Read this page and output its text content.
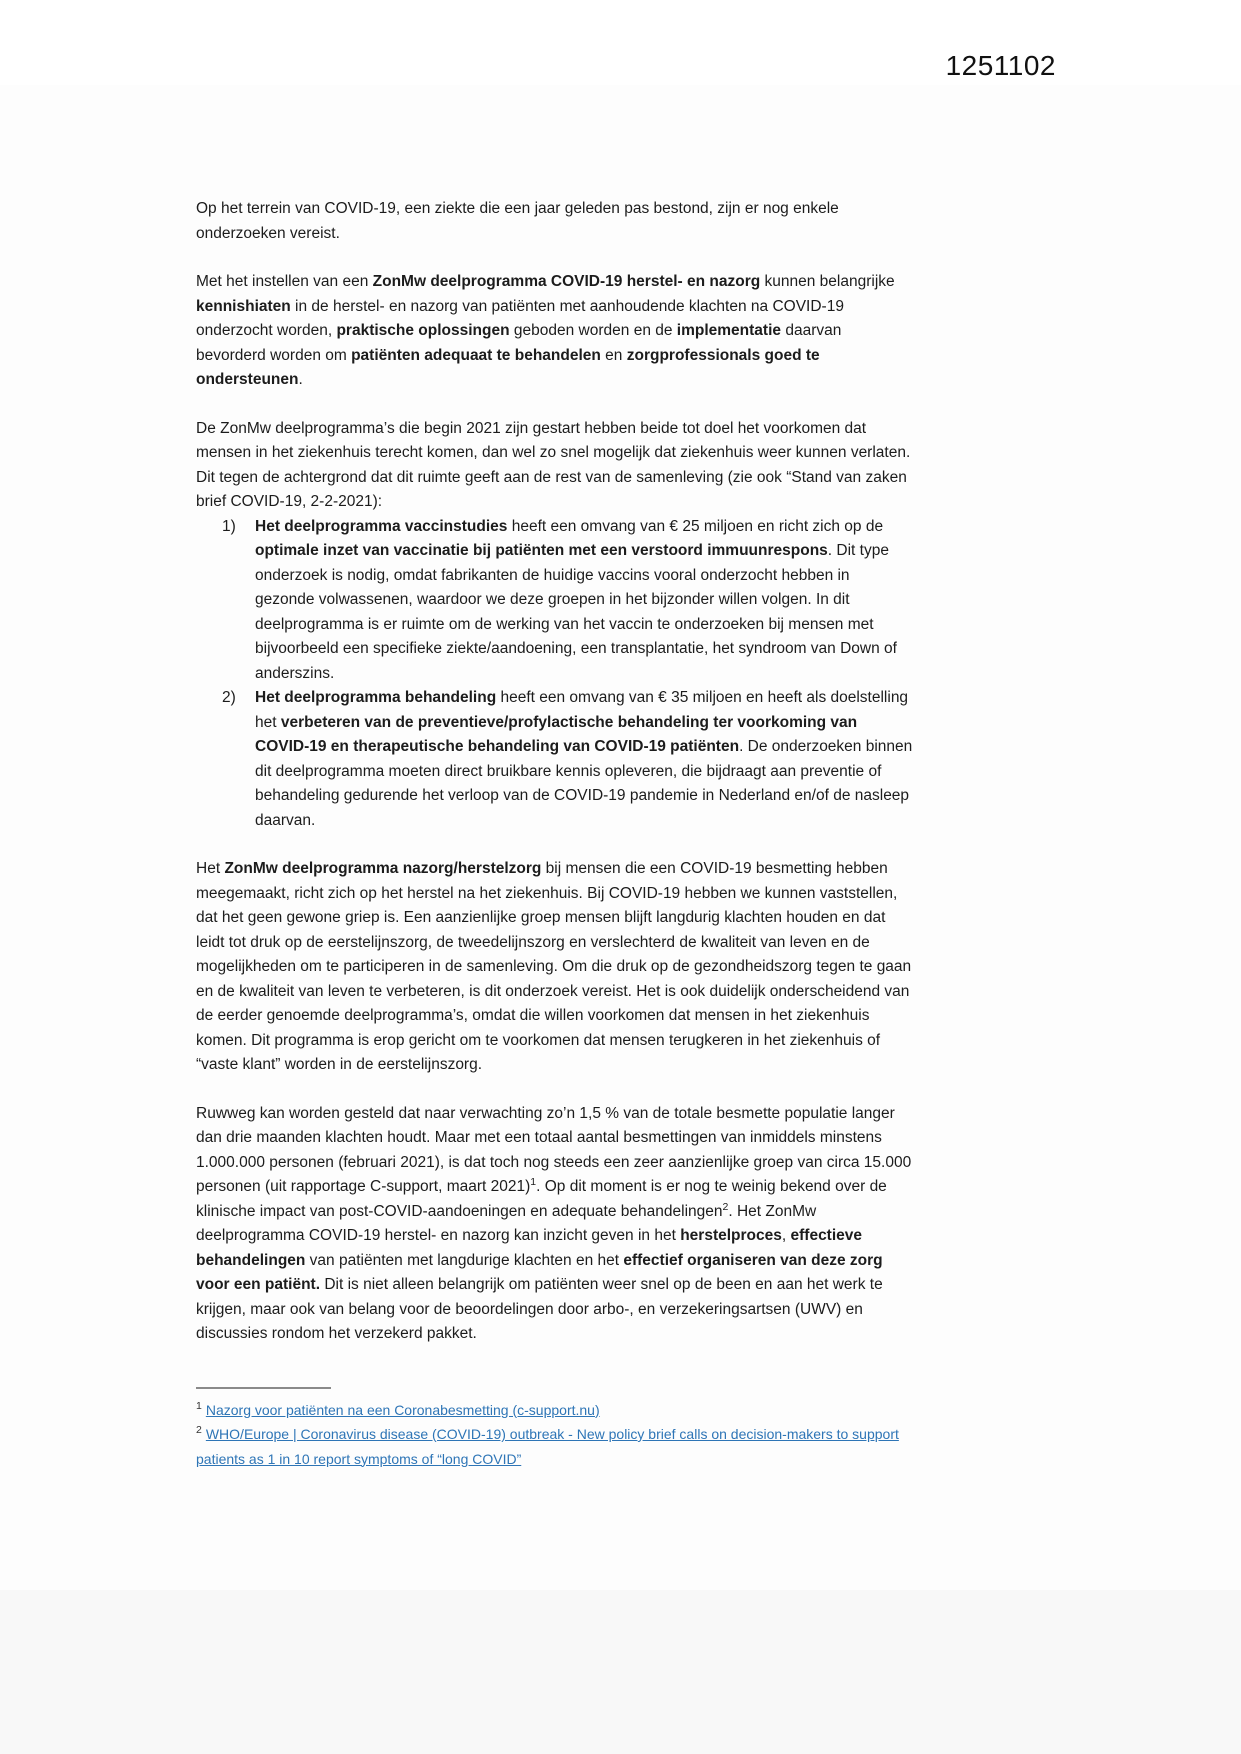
1251102

Op het terrein van COVID-19, een ziekte die een jaar geleden pas bestond, zijn er nog enkele onderzoeken vereist.

Met het instellen van een ZonMw deelprogramma COVID-19 herstel- en nazorg kunnen belangrijke kennishiaten in de herstel- en nazorg van patiënten met aanhoudende klachten na COVID-19 onderzocht worden, praktische oplossingen geboden worden en de implementatie daarvan bevorderd worden om patiënten adequaat te behandelen en zorgprofessionals goed te ondersteunen.

De ZonMw deelprogramma’s die begin 2021 zijn gestart hebben beide tot doel het voorkomen dat mensen in het ziekenhuis terecht komen, dan wel zo snel mogelijk dat ziekenhuis weer kunnen verlaten. Dit tegen de achtergrond dat dit ruimte geeft aan de rest van de samenleving (zie ook “Stand van zaken brief COVID-19, 2-2-2021):

1)	Het deelprogramma vaccinstudies heeft een omvang van € 25 miljoen en richt zich op de optimale inzet van vaccinatie bij patiënten met een verstoord immuunrespons. Dit type onderzoek is nodig, omdat fabrikanten de huidige vaccins vooral onderzocht hebben in gezonde volwassenen, waardoor we deze groepen in het bijzonder willen volgen. In dit deelprogramma is er ruimte om de werking van het vaccin te onderzoeken bij mensen met bijvoorbeeld een specifieke ziekte/aandoening, een transplantatie, het syndroom van Down of anderszins.
2)	Het deelprogramma behandeling heeft een omvang van € 35 miljoen en heeft als doelstelling het verbeteren van de preventieve/profylactische behandeling ter voorkoming van COVID-19 en therapeutische behandeling van COVID-19 patiënten. De onderzoeken binnen dit deelprogramma moeten direct bruikbare kennis opleveren, die bijdraagt aan preventie of behandeling gedurende het verloop van de COVID-19 pandemie in Nederland en/of de nasleep daarvan.

Het ZonMw deelprogramma nazorg/herstelzorg bij mensen die een COVID-19 besmetting hebben meegemaakt, richt zich op het herstel na het ziekenhuis. Bij COVID-19 hebben we kunnen vaststellen, dat het geen gewone griep is. Een aanzienlijke groep mensen blijft langdurig klachten houden en dat leidt tot druk op de eerstelijnszorg, de tweedelijnszorg en verslechterd de kwaliteit van leven en de mogelijkheden om te participeren in de samenleving. Om die druk op de gezondheidszorg tegen te gaan en de kwaliteit van leven te verbeteren, is dit onderzoek vereist. Het is ook duidelijk onderscheidend van de eerder genoemde deelprogramma’s, omdat die willen voorkomen dat mensen in het ziekenhuis komen. Dit programma is erop gericht om te voorkomen dat mensen terugkeren in het ziekenhuis of “vaste klant” worden in de eerstelijnszorg.

Ruwweg kan worden gesteld dat naar verwachting zo’n 1,5 % van de totale besmette populatie langer dan drie maanden klachten houdt. Maar met een totaal aantal besmettingen van inmiddels minstens 1.000.000 personen (februari 2021), is dat toch nog steeds een zeer aanzienlijke groep van circa 15.000 personen (uit rapportage C-support, maart 2021)$^1$. Op dit moment is er nog te weinig bekend over de klinische impact van post-COVID-aandoeningen en adequate behandelingen$^2$. Het ZonMw deelprogramma COVID-19 herstel- en nazorg kan inzicht geven in het herstelproces, effectieve behandelingen van patiënten met langdurige klachten en het effectief organiseren van deze zorg voor een patiënt. Dit is niet alleen belangrijk om patiënten weer snel op de been en aan het werk te krijgen, maar ook van belang voor de beoordelingen door arbo-, en verzekeringsartsen (UWV) en discussies rondom het verzekerd pakket.

$^1$ Nazorg voor patiënten na een Coronabesmetting (c-support.nu)
$^2$ WHO/Europe | Coronavirus disease (COVID-19) outbreak - New policy brief calls on decision-makers to support patients as 1 in 10 report symptoms of “long COVID”
